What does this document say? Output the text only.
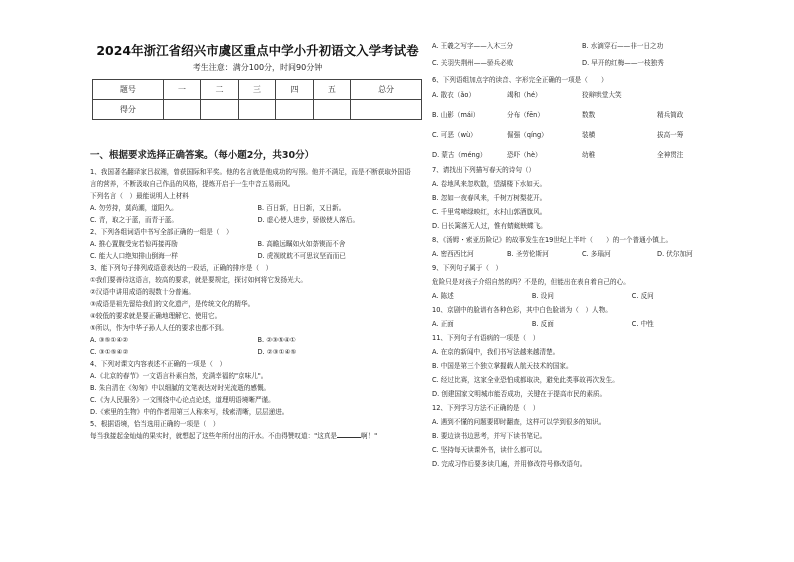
2024年浙江省绍兴市虞区重点中学小升初语文入学考试卷
考生注意：满分100分，时间90分钟
题号	一	二	三	四	五	总分
得分						
一、根据要求选择正确答案。（每小题2分，共30分）
1、我国著名翻译家吕叔湘，曾获国际和平奖。他的名言就是他成功的写照。他并不满足，而是不断获取外国语
言的营养，不断汲取自己作品的风格，提炼开启于一生中音五易雨风。
下列名言（　）最能说明人上材料
A. 勿劳持，莫尚潮，道阳久。	B. 百日新，日日新，又日新。
C. 青，取之于蓝，而青于蓝。	D. 虚心使人进步，骄傲使人落后。
2、下列各组词语中书写全部正确的一组是（　）
A. 推心置腹受宠若惊再接再励	B. 高瞻远瞩如火如荼锲而不舍
C. 能大人口绝知排山倒海一样	D. 虎视眈眈不可思议坚而而已
3、能下列句子排列成语意表达的一段话，正确的排序是（　）
①我们要善待这语言，较高的要求，就是要规定，探讨如何将它发扬光大。
②汉语中讲用成语的现数十分普遍。
③成语是祖先留给我们的文化遗产，是传统文化的精华。
④较低的要求就是要正确地理解它、使用它。
⑤所以，作为中华子孙人人任的要求也都不到。
A. ③⑤①④②	B. ②③⑤④①
C. ③①⑤④②	D. ②③①④⑤
4、下列对课文内容表述不正确的一项是（　）
A.《北京的春节》一文语言朴素自然，充满幸福的"京味儿"。
B. 朱自清在《匆匆》中以细腻的文笔表达对时光流逝的感慨。
C.《为人民服务》一文围绕中心论点论述，道理明语境晰严谨。
D.《索里的生物》中的作者用第三人称来写，线索清晰，层层递进。
5、根据语境，恰当选用正确的一项是（　）
每当我接起金灿灿的果实时，就想起了这些年所付出的汗水。不由得赞叹道："这真是	啊！"
A. 王羲之写字——入木三分	B. 水滴穿石——非一日之功
C. 关羽失荆州——骄兵必败	D. 早开的红梅——一枝独秀
6、下列语组加点字的读音、字形完全正确的一项是（　　）
A. 散衣（ǎo）	竭和（hé）	狡辩哄堂大笑
B. 山影（mái）	分布（fēn）	数数	精兵简政
C. 可恶（wù）	倔强（qíng）	装横	拔高一筹
D. 蒙古（méng）	恐吓（hè）	幼稚	全神贯注
7、请找出下列描写春天的诗句（）
A. 卷地风来忽吹散，望湖楼下水如天。
B. 忽如一夜春风来，千树万树梨花开。
C. 千里莺啼绿映红，水村山郭酒旗风。
D. 日长篱落无人过，惟有蜻蜓蛱蝶飞。
8、《汤姆・索亚历险记》的故事发生在19世纪上半叶（　　）的一个普通小镇上。
A. 密西西比河	B. 圣劳伦斯河	C. 多瑙河	D. 伏尔加河
9、下列句子属于（　）
危险只是对孩子介绍自然的吗？不是的，但能出在表自着自己的心。
A. 陈述	B. 设问	C. 反问
10、京剧中的脸谱有各种色彩，其中白色脸谱为（　）人物。
A. 正面	B. 反面	C. 中性
11、下列句子有语病的一项是（　）
A. 在京的新闻中，我们书写法越来越清楚。
B. 中国是第三个独立掌握载人航天技术的国家。
C. 经过比赛，这家全业恐怕成都取决，避免此类事故再次发生。
D. 创建国家文明城市能否成功，关键在于提高市民的素质。
12、下列学习方法不正确的是（　）
A. 遇到不懂的问题要即时翻查，这样可以学到很多的知识。
B. 要边读书边思考，并写下读书笔记。
C. 坚持每天读课外书，读什么都可以。
D. 完成习作后要多读几遍，并用修改符号修改语句。
